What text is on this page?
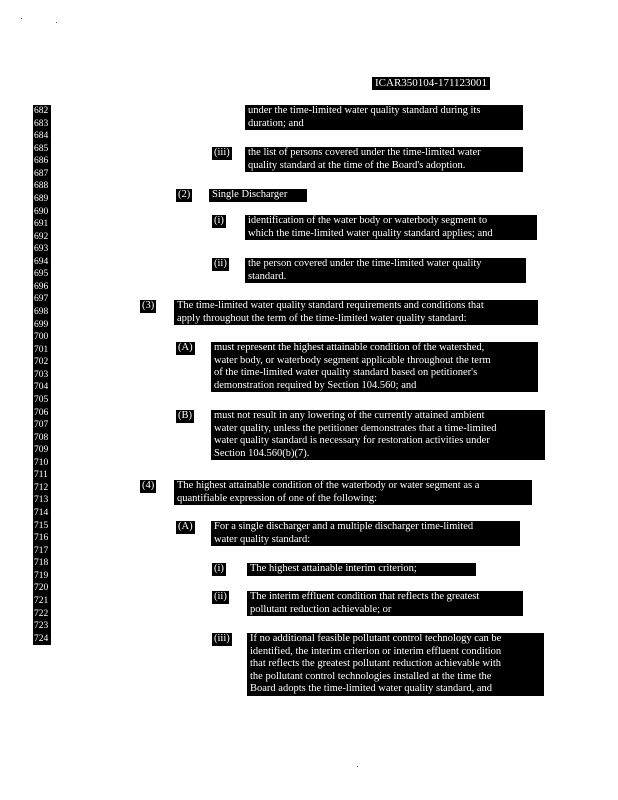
ICAR350104-171123001
682
683
684
685
686
687
688
689
690
691
692
693
694
695
696
697
698
699
700
701
702
703
704
705
706
707
708
709
710
711
712
713
714
715
716
717
718
719
720
721
722
723
724
under the time-limited water quality standard during its
duration; and
(iii) the list of persons covered under the time-limited water
quality standard at the time of the Board's adoption.
(2) Single Discharger
(i) identification of the water body or waterbody segment to
which the time-limited water quality standard applies; and
(ii) the person covered under the time-limited water quality
standard.
(3) The time-limited water quality standard requirements and conditions that
apply throughout the term of the time-limited water quality standard:
(A) must represent the highest attainable condition of the watershed,
water body, or waterbody segment applicable throughout the term
of the time-limited water quality standard based on petitioner's
demonstration required by Section 104.560; and
(B) must not result in any lowering of the currently attained ambient
water quality, unless the petitioner demonstrates that a time-limited
water quality standard is necessary for restoration activities under
Section 104.560(b)(7).
(4) The highest attainable condition of the waterbody or water segment as a
quantifiable expression of one of the following:
(A) For a single discharger and a multiple discharger time-limited
water quality standard:
(i) The highest attainable interim criterion;
(ii) The interim effluent condition that reflects the greatest
pollutant reduction achievable; or
(iii) If no additional feasible pollutant control technology can be
identified, the interim criterion or interim effluent condition
that reflects the greatest pollutant reduction achievable with
the pollutant control technologies installed at the time the
Board adopts the time-limited water quality standard, and
